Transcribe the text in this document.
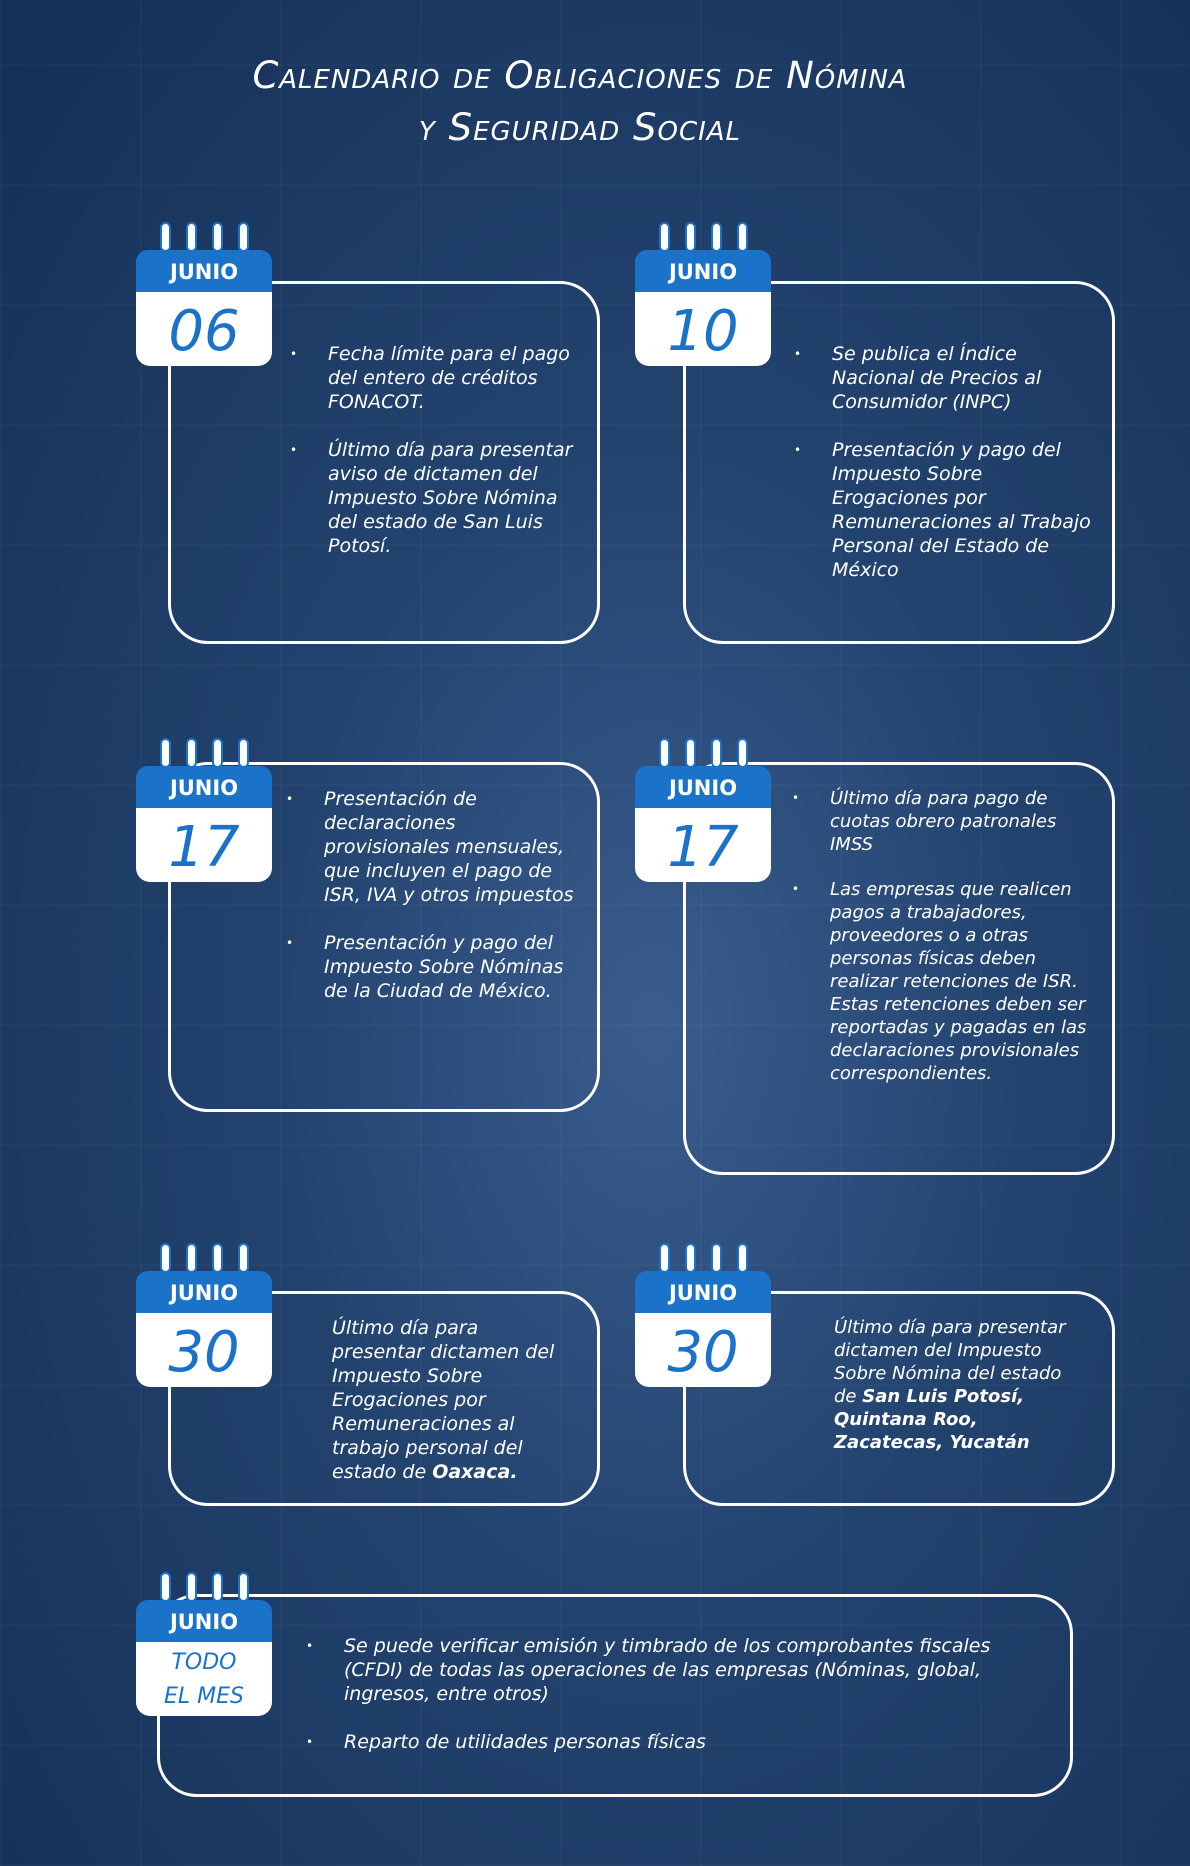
Calendario de Obligaciones de Nómina
y Seguridad Social
JUNIO
06	• Fecha límite para el pago del entero de créditos FONACOT.
• Último día para presentar aviso de dictamen del Impuesto Sobre Nómina del estado de San Luis Potosí.
JUNIO
10	• Se publica el Índice Nacional de Precios al Consumidor (INPC)
• Presentación y pago del Impuesto Sobre Erogaciones por Remuneraciones al Trabajo Personal del Estado de México
JUNIO
17
• Presentación de declaraciones provisionales mensuales, que incluyen el pago de ISR, IVA y otros impuestos
• Presentación y pago del Impuesto Sobre Nóminas de la Ciudad de México.
JUNIO
17
• Último día para pago de cuotas obrero patronales IMSS
• Las empresas que realicen pagos a trabajadores, proveedores o a otras personas físicas deben realizar retenciones de ISR. Estas retenciones deben ser reportadas y pagadas en las declaraciones provisionales correspondientes.
JUNIO
30	Último día para presentar dictamen del Impuesto Sobre Erogaciones por Remuneraciones al trabajo personal del estado de Oaxaca.
JUNIO
30	Último día para presentar dictamen del Impuesto Sobre Nómina del estado de San Luis Potosí, Quintana Roo, Zacatecas, Yucatán
JUNIO
TODO
EL MES
• Se puede verificar emisión y timbrado de los comprobantes fiscales (CFDI) de todas las operaciones de las empresas (Nóminas, global, ingresos, entre otros)
• Reparto de utilidades personas físicas
